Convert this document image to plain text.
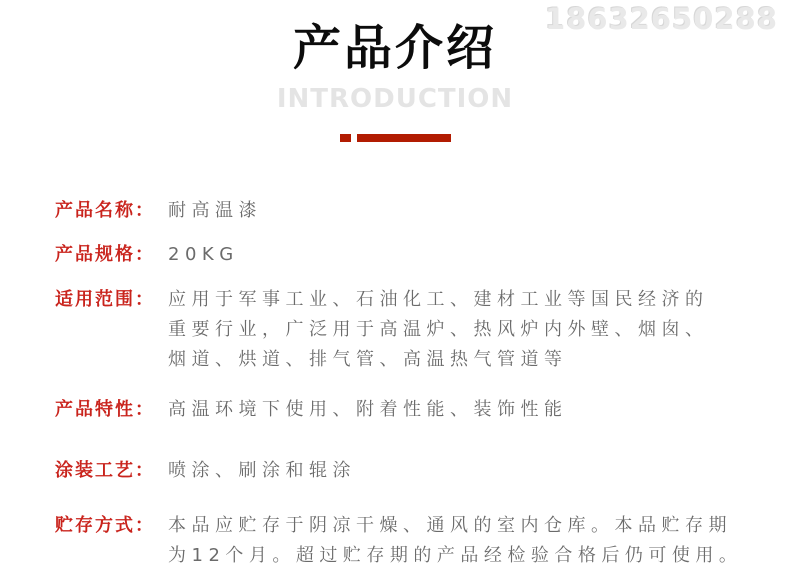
18632650288
产品介绍
INTRODUCTION
产品名称： 耐高温漆
产品规格： 20KG
适用范围： 应用于军事工业、石油化工、建材工业等国民经济的
重要行业，广泛用于高温炉、热风炉内外壁、烟囱、
烟道、烘道、排气管、高温热气管道等
产品特性： 高温环境下使用、附着性能、装饰性能
涂装工艺： 喷涂、刷涂和辊涂
贮存方式： 本品应贮存于阴凉干燥、通风的室内仓库。本品贮存期
为12个月。超过贮存期的产品经检验合格后仍可使用。
